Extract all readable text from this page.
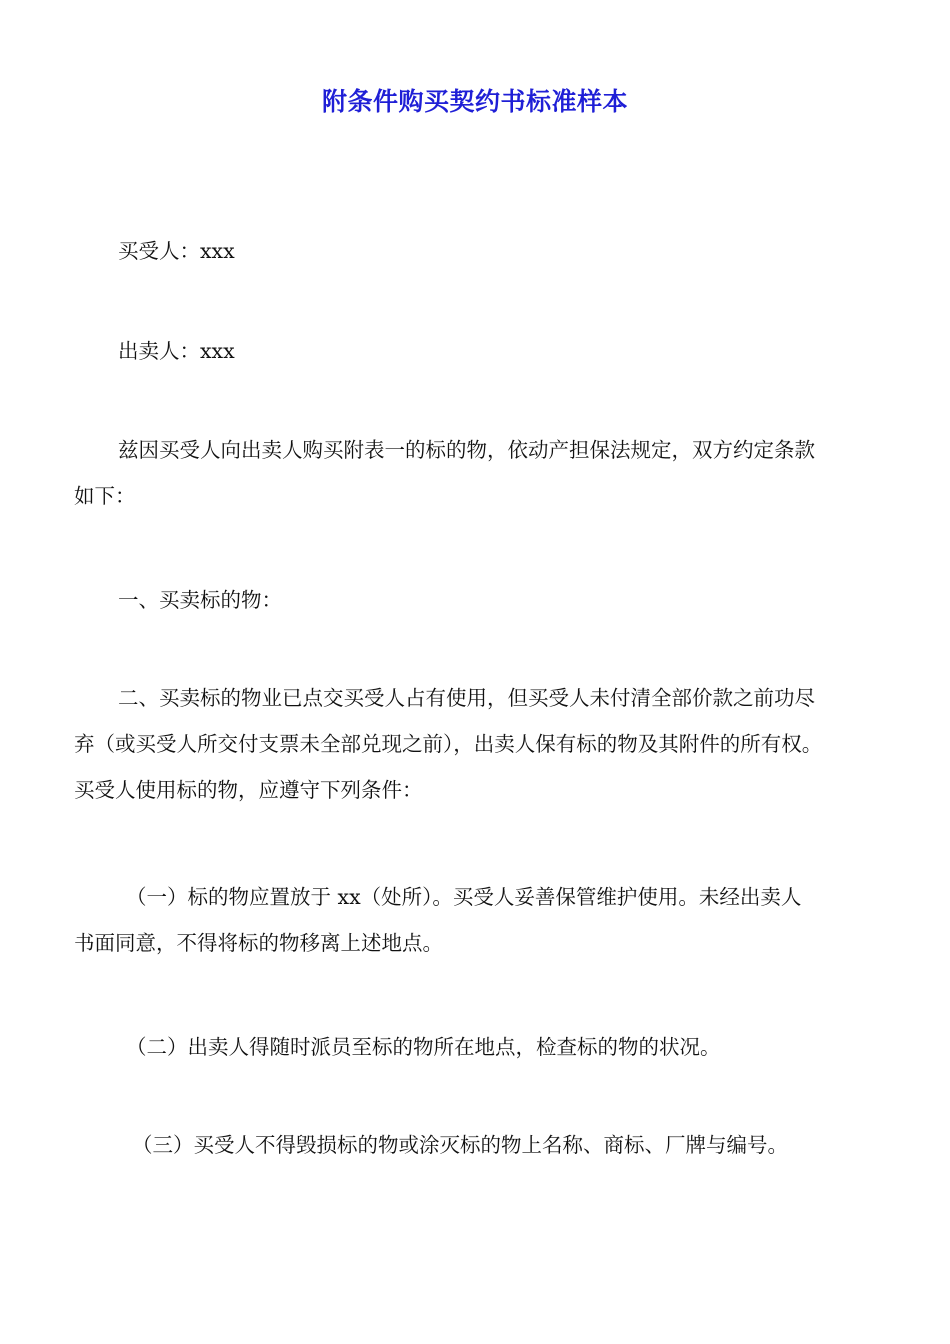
附条件购买契约书标准样本

买受人：xxx

出卖人：xxx

兹因买受人向出卖人购买附表一的标的物，依动产担保法规定，双方约定条款
如下：

一、买卖标的物：

二、买卖标的物业已点交买受人占有使用，但买受人未付清全部价款之前功尽
弃（或买受人所交付支票未全部兑现之前），出卖人保有标的物及其附件的所有权。
买受人使用标的物，应遵守下列条件：

（一）标的物应置放于 xx（处所）。买受人妥善保管维护使用。未经出卖人
书面同意，不得将标的物移离上述地点。

（二）出卖人得随时派员至标的物所在地点，检查标的物的状况。

（三）买受人不得毁损标的物或涂灭标的物上名称、商标、厂牌与编号。
